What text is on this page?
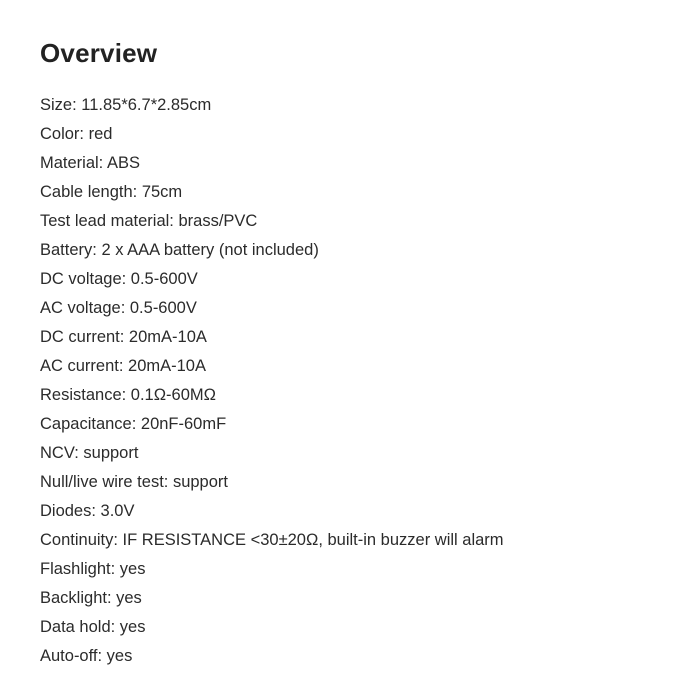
Overview
Size: 11.85*6.7*2.85cm
Color: red
Material: ABS
Cable length: 75cm
Test lead material: brass/PVC
Battery: 2 x AAA battery (not included)
DC voltage: 0.5-600V
AC voltage: 0.5-600V
DC current: 20mA-10A
AC current: 20mA-10A
Resistance: 0.1Ω-60MΩ
Capacitance: 20nF-60mF
NCV: support
Null/live wire test: support
Diodes: 3.0V
Continuity: IF RESISTANCE <30±20Ω, built-in buzzer will alarm
Flashlight: yes
Backlight: yes
Data hold: yes
Auto-off: yes
